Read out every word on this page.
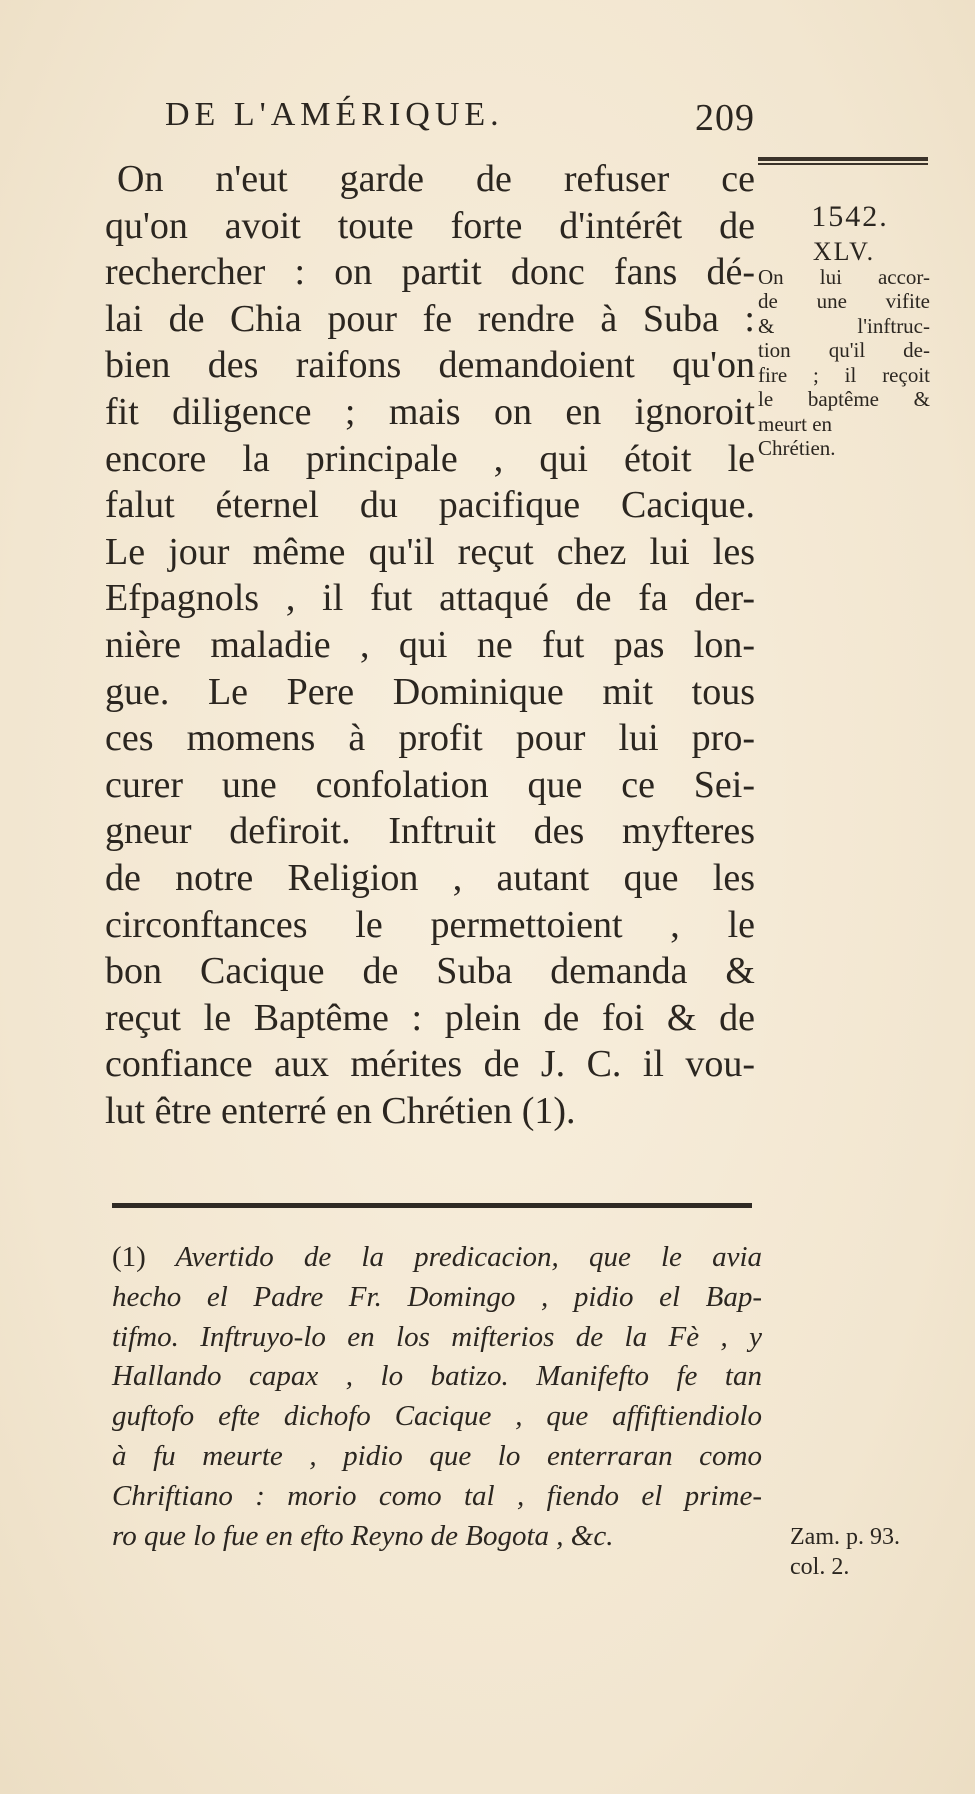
DE L'AMÉRIQUE.	209
On n'eut garde de refuser ce
qu'on avoit toute forte d'intérêt de
rechercher : on partit donc fans dé-
lai de Chia pour fe rendre à Suba :
bien des raifons demandoient qu'on
fit diligence ; mais on en ignoroit
encore la principale , qui étoit le
falut éternel du pacifique Cacique.
Le jour même qu'il reçut chez lui les
Efpagnols , il fut attaqué de fa der-
nière maladie , qui ne fut pas lon-
gue. Le Pere Dominique mit tous
ces momens à profit pour lui pro-
curer une confolation que ce Sei-
gneur defiroit. Inftruit des myfteres
de notre Religion , autant que les
circonftances le permettoient , le
bon Cacique de Suba demanda &
reçut le Baptême : plein de foi & de
confiance aux mérites de J. C. il vou-
lut être enterré en Chrétien (1).
1542.
XLV.
On lui accor-
de une vifite
& l'inftruc-
tion qu'il de-
fire ; il reçoit
le baptême &
meurt en
Chrétien.
(1) Avertido de la predicacion, que le avia
hecho el Padre Fr. Domingo , pidio el Bap-
tifmo. Inftruyo-lo en los mifterios de la Fè , y
Hallando capax , lo batizo. Manifefto fe tan
guftofo efte dichofo Cacique , que affiftiendiolo
à fu meurte , pidio que lo enterraran como
Chriftiano : morio como tal , fiendo el prime-
ro que lo fue en efto Reyno de Bogota , &c.	Zam. p. 93.
col. 2.
